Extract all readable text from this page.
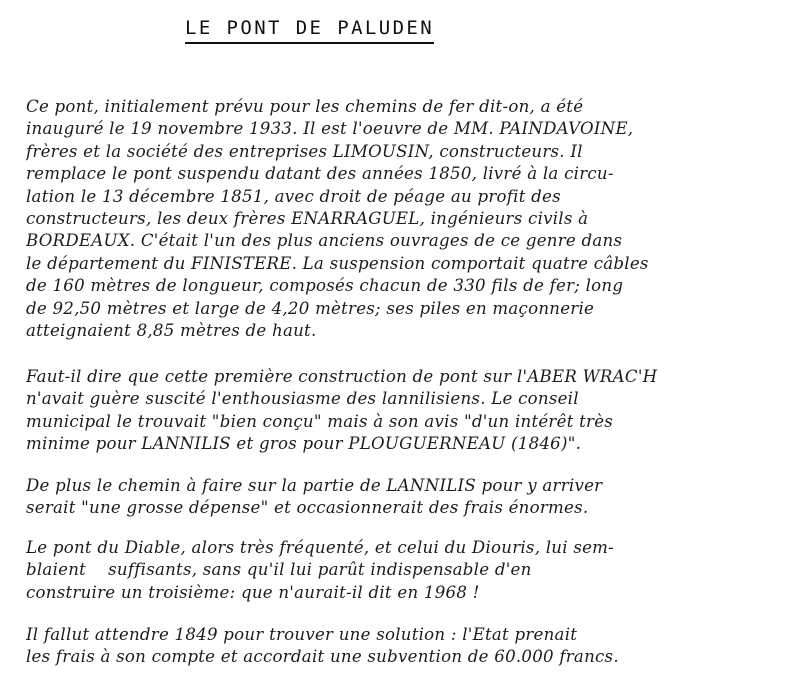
LE PONT DE PALUDEN

Ce pont, initialement prévu pour les chemins de fer dit-on, a été
inauguré le 19 novembre 1933. Il est l'oeuvre de MM. PAINDAVOINE,
frères et la société des entreprises LIMOUSIN, constructeurs. Il
remplace le pont suspendu datant des années 1850, livré à la circu-
lation le 13 décembre 1851, avec droit de péage au profit des
constructeurs, les deux frères ENARRAGUEL, ingénieurs civils à
BORDEAUX. C'était l'un des plus anciens ouvrages de ce genre dans
le département du FINISTERE. La suspension comportait quatre câbles
de 160 mètres de longueur, composés chacun de 330 fils de fer; long
de 92,50 mètres et large de 4,20 mètres; ses piles en maçonnerie
atteignaient 8,85 mètres de haut.

Faut-il dire que cette première construction de pont sur l'ABER WRAC'H
n'avait guère suscité l'enthousiasme des lannilisiens. Le conseil
municipal le trouvait "bien conçu" mais à son avis "d'un intérêt très
minime pour LANNILIS et gros pour PLOUGUERNEAU (1846)".

De plus le chemin à faire sur la partie de LANNILIS pour y arriver
serait "une grosse dépense" et occasionnerait des frais énormes.

Le pont du Diable, alors très fréquenté, et celui du Diouris, lui sem-
blaient    suffisants, sans qu'il lui parût indispensable d'en
construire un troisième: que n'aurait-il dit en 1968 !

Il fallut attendre 1849 pour trouver une solution : l'Etat prenait
les frais à son compte et accordait une subvention de 60.000 francs.
